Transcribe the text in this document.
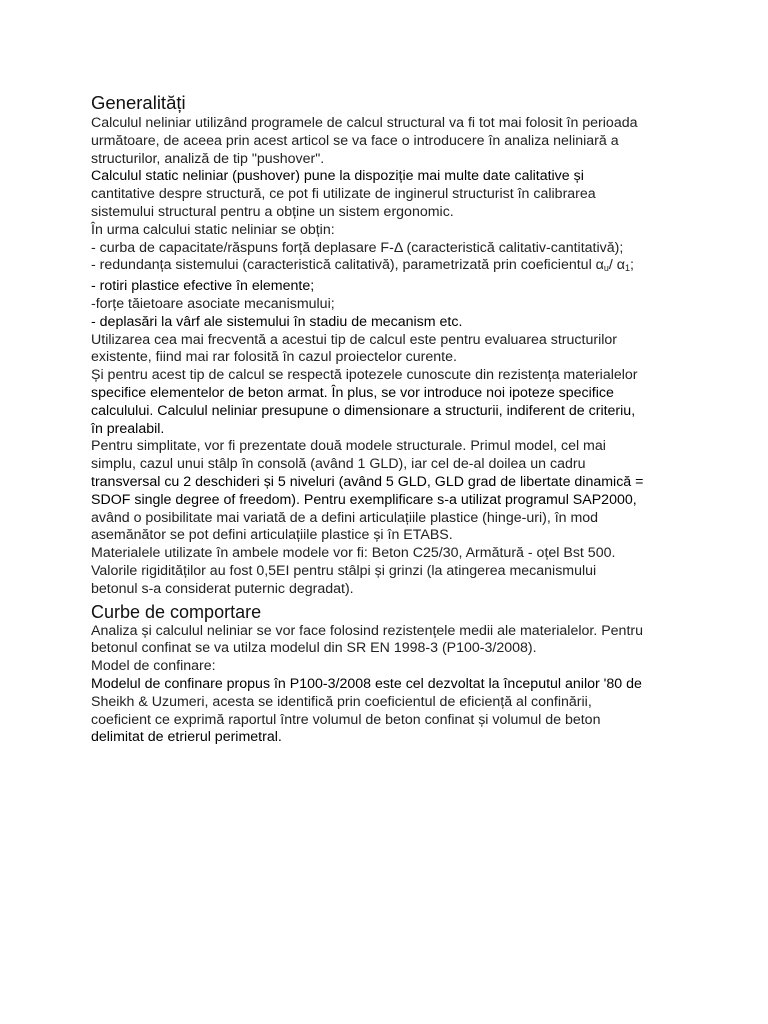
Generalități
Calculul neliniar utilizând programele de calcul structural va fi tot mai folosit în perioada
următoare, de aceea prin acest articol se va face o introducere în analiza neliniară a
structurilor, analiză de tip "pushover".
Calculul static neliniar (pushover) pune la dispoziție mai multe date calitative și
cantitative despre structură, ce pot fi utilizate de inginerul structurist în calibrarea
sistemului structural pentru a obține un sistem ergonomic.
În urma calcului static neliniar se obțin:
- curba de capacitate/răspuns forță deplasare F-Δ (caracteristică calitativ-cantitativă);
- redundanța sistemului (caracteristică calitativă), parametrizată prin coeficientul $\alpha_u/$ $\alpha_1$;
- rotiri plastice efective în elemente;
-forțe tăietoare asociate mecanismului;
- deplasări la vârf ale sistemului în stadiu de mecanism etc.
Utilizarea cea mai frecventă a acestui tip de calcul este pentru evaluarea structurilor
existente, fiind mai rar folosită în cazul proiectelor curente.
Și pentru acest tip de calcul se respectă ipotezele cunoscute din rezistența materialelor
specifice elementelor de beton armat. În plus, se vor introduce noi ipoteze specifice
calculului. Calculul neliniar presupune o dimensionare a structurii, indiferent de criteriu,
în prealabil.
Pentru simplitate, vor fi prezentate două modele structurale. Primul model, cel mai
simplu, cazul unui stâlp în consolă (având 1 GLD), iar cel de-al doilea un cadru
transversal cu 2 deschideri și 5 niveluri (având 5 GLD, GLD grad de libertate dinamică =
SDOF single degree of freedom). Pentru exemplificare s-a utilizat programul SAP2000,
având o posibilitate mai variată de a defini articulațiile plastice (hinge-uri), în mod
asemănător se pot defini articulațiile plastice și în ETABS.
Materialele utilizate în ambele modele vor fi: Beton C25/30, Armătură - oțel Bst 500.
Valorile rigidităților au fost 0,5EI pentru stâlpi și grinzi (la atingerea mecanismului
betonul s-a considerat puternic degradat).
Curbe de comportare
Analiza și calculul neliniar se vor face folosind rezistențele medii ale materialelor. Pentru
betonul confinat se va utilza modelul din SR EN 1998-3 (P100-3/2008).
Model de confinare:
Modelul de confinare propus în P100-3/2008 este cel dezvoltat la începutul anilor '80 de
Sheikh & Uzumeri, acesta se identifică prin coeficientul de eficiență al confinării,
coeficient ce exprimă raportul între volumul de beton confinat și volumul de beton
delimitat de etrierul perimetral.
